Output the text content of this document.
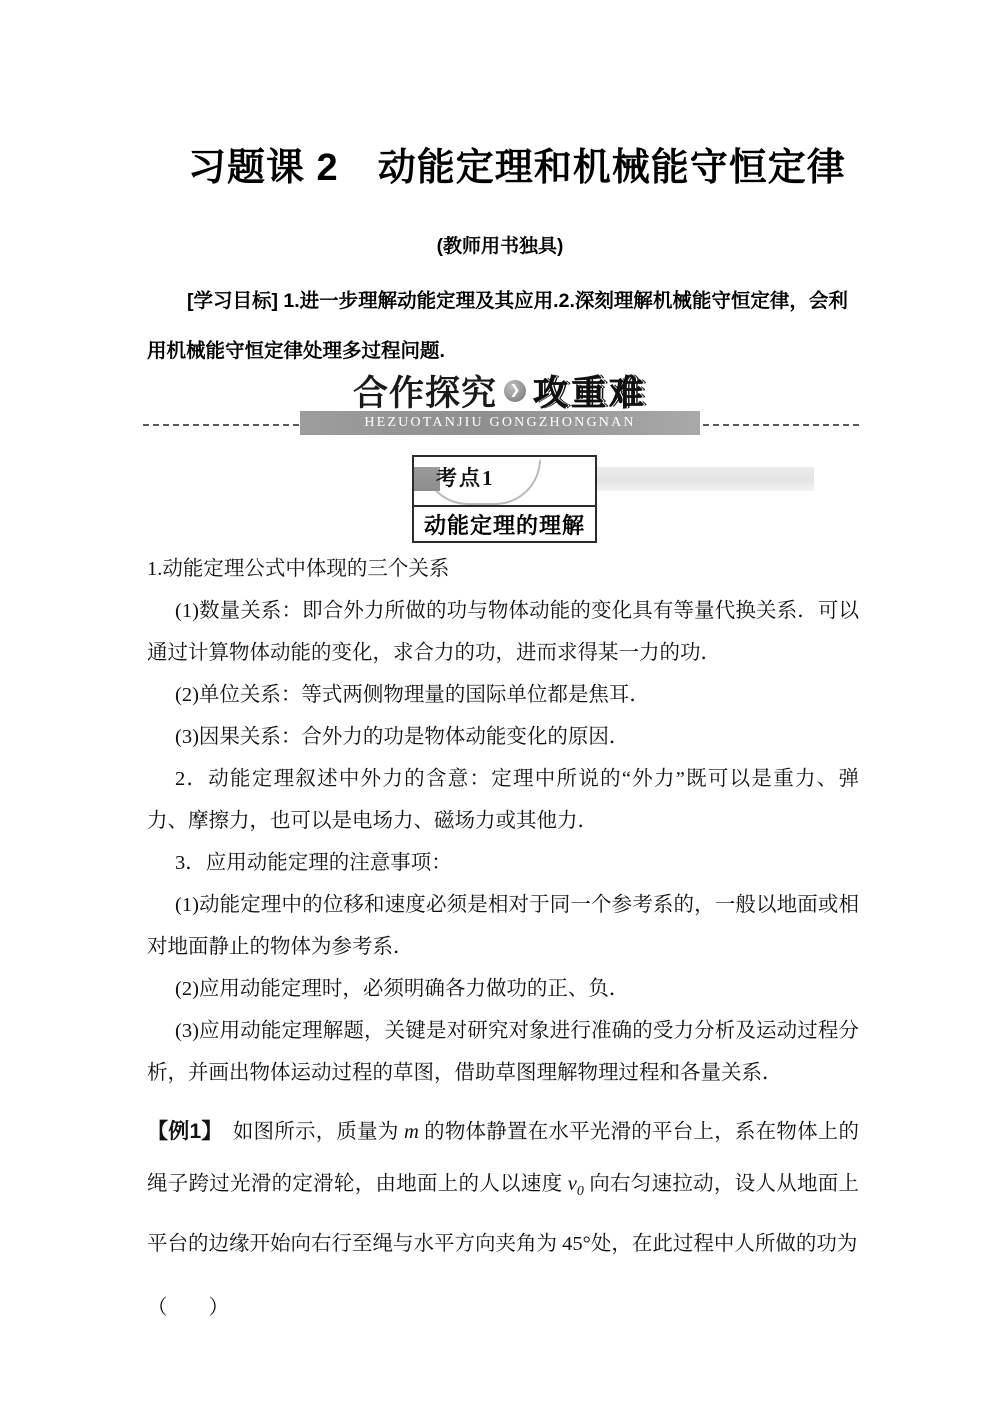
习题课 2　动能定理和机械能守恒定律
(教师用书独具)
[学习目标] 1.进一步理解动能定理及其应用.2.深刻理解机械能守恒定律，会利用机械能守恒定律处理多过程问题.
HEZUOTANJIU GONGZHONGNAN
合作探究 ❯ 攻重难
考点1
动能定理的理解

1.动能定理公式中体现的三个关系

(1)数量关系：即合外力所做的功与物体动能的变化具有等量代换关系．可以通过计算物体动能的变化，求合力的功，进而求得某一力的功．

(2)单位关系：等式两侧物理量的国际单位都是焦耳．

(3)因果关系：合外力的功是物体动能变化的原因．

2．动能定理叙述中外力的含意：定理中所说的“外力”既可以是重力、弹力、摩擦力，也可以是电场力、磁场力或其他力．

3．应用动能定理的注意事项：

(1)动能定理中的位移和速度必须是相对于同一个参考系的，一般以地面或相对地面静止的物体为参考系．

(2)应用动能定理时，必须明确各力做功的正、负．

(3)应用动能定理解题，关键是对研究对象进行准确的受力分析及运动过程分析，并画出物体运动过程的草图，借助草图理解物理过程和各量关系．

【例1】　 如图所示，质量为 m 的物体静置在水平光滑的平台上，系在物体上的绳子跨过光滑的定滑轮，由地面上的人以速度 $v_0$ 向右匀速拉动，设人从地面上平台的边缘开始向右行至绳与水平方向夹角为 45°处，在此过程中人所做的功为

（　　）
